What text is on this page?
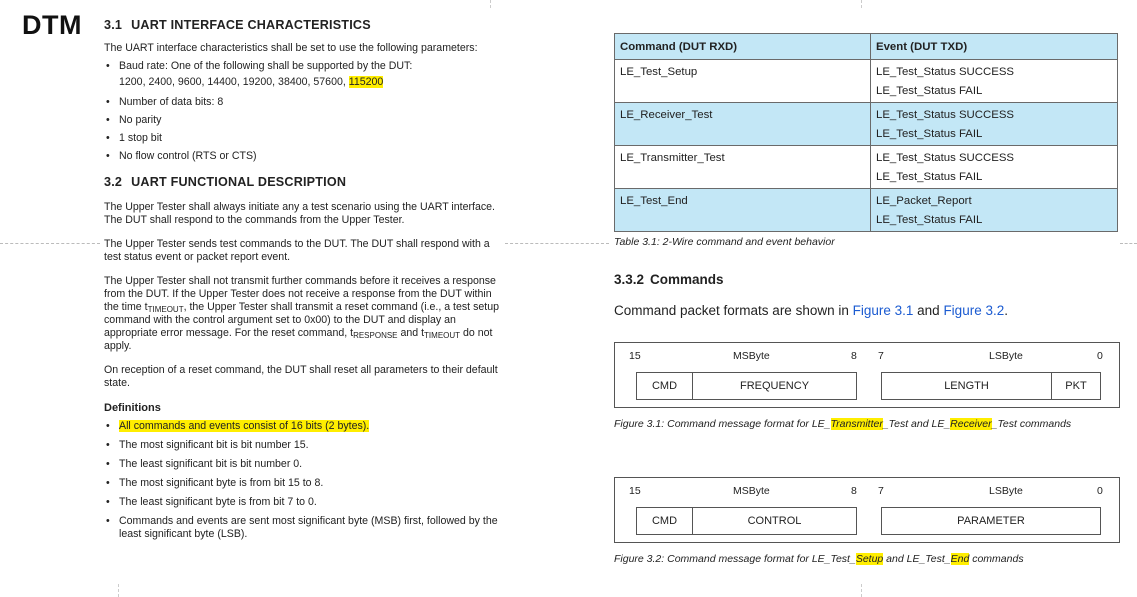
DTM 3.1 UART INTERFACE CHARACTERISTICS

The UART interface characteristics shall be set to use the following parameters:

• Baud rate: One of the following shall be supported by the DUT:
1200, 2400, 9600, 14400, 19200, 38400, 57600, 115200
• Number of data bits: 8
• No parity
• 1 stop bit
• No flow control (RTS or CTS)
3.2 UART FUNCTIONAL DESCRIPTION

The Upper Tester shall always initiate any a test scenario using the UART interface. The DUT shall respond to the commands from the Upper Tester.

The Upper Tester sends test commands to the DUT. The DUT shall respond with a test status event or packet report event.

The Upper Tester shall not transmit further commands before it receives a response from the DUT. If the Upper Tester does not receive a response from the DUT within the time $t_{TIMEOUT}$, the Upper Tester shall transmit a reset command (i.e., a test setup command with the control argument set to 0x00) to the DUT and display an appropriate error message. For the reset command, $t_{RESPONSE}$ and $t_{TIMEOUT}$ do not apply.

On reception of a reset command, the DUT shall reset all parameters to their default state.

Definitions
• All commands and events consist of 16 bits (2 bytes).
• The most significant bit is bit number 15.
• The least significant bit is bit number 0.
• The most significant byte is from bit 15 to 8.
• The least significant byte is from bit 7 to 0.
• Commands and events are sent most significant byte (MSB) first, followed by the least significant byte (LSB).
Command (DUT RXD)	Event (DUT TXD)
LE_Test_Setup	LE_Test_Status SUCCESS
LE_Test_Status FAIL
LE_Receiver_Test	LE_Test_Status SUCCESS
LE_Test_Status FAIL
LE_Transmitter_Test	LE_Test_Status SUCCESS
LE_Test_Status FAIL
LE_Test_End	LE_Packet_Report
LE_Test_Status FAIL
Table 3.1: 2-Wire command and event behavior
3.3.2 Commands
Command packet formats are shown in Figure 3.1 and Figure 3.2.
15	MSByte	8 7	LSByte	0
CMD	FREQUENCY	LENGTH	PKT
Figure 3.1: Command message format for LE_Transmitter_Test and LE_Receiver_Test commands
15	MSByte	8 7	LSByte	0
CMD	CONTROL	PARAMETER
Figure 3.2: Command message format for LE_Test_Setup and LE_Test_End commands
